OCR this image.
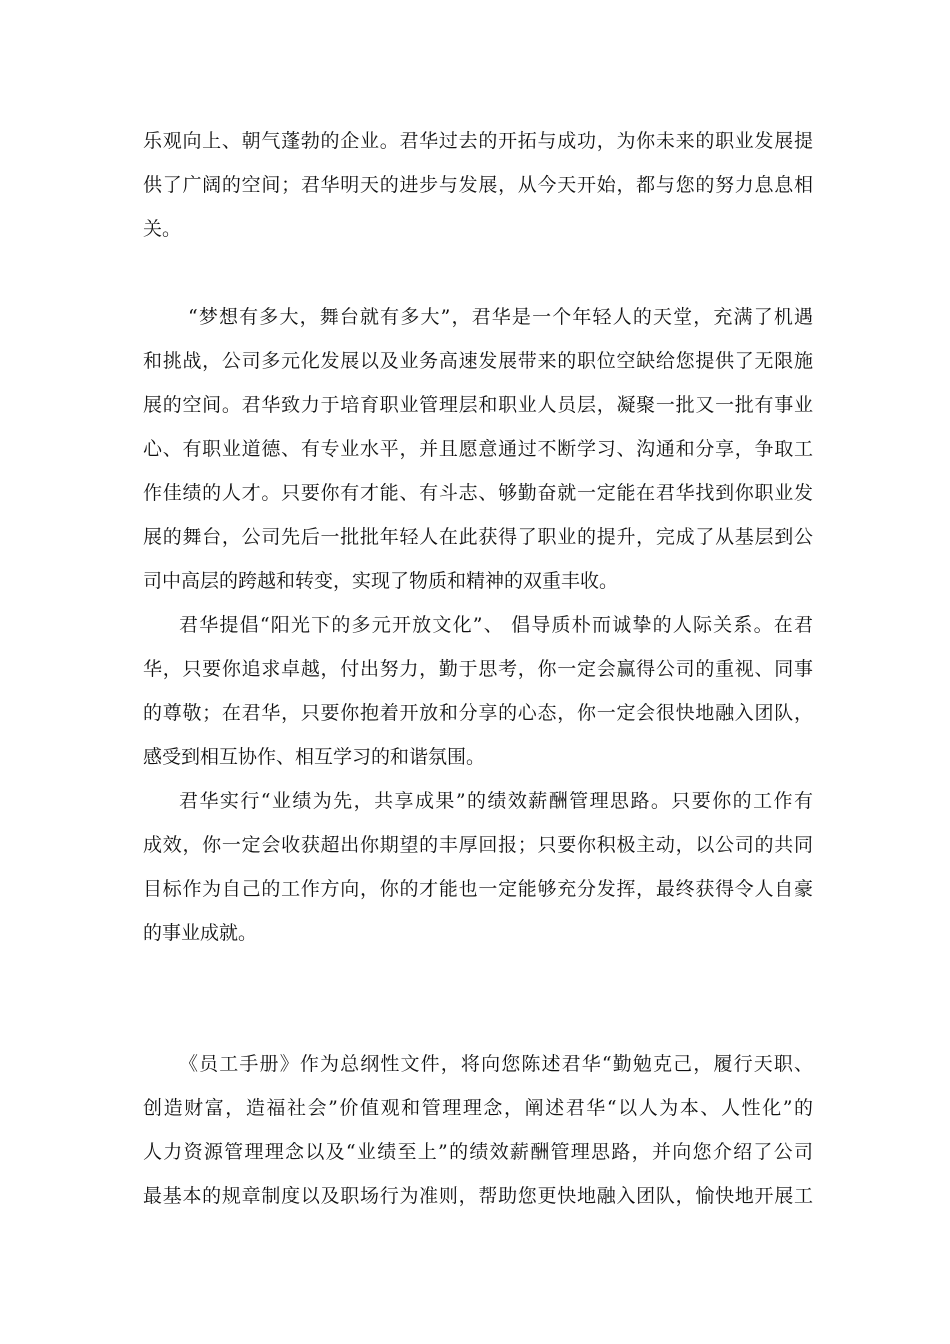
乐观向上、朝气蓬勃的企业。君华过去的开拓与成功，为你未来的职业发展提
供了广阔的空间；君华明天的进步与发展，从今天开始，都与您的努力息息相
关。
“梦想有多大，舞台就有多大”，君华是一个年轻人的天堂，充满了机遇
和挑战，公司多元化发展以及业务高速发展带来的职位空缺给您提供了无限施
展的空间。君华致力于培育职业管理层和职业人员层，凝聚一批又一批有事业
心、有职业道德、有专业水平，并且愿意通过不断学习、沟通和分享，争取工
作佳绩的人才。只要你有才能、有斗志、够勤奋就一定能在君华找到你职业发
展的舞台，公司先后一批批年轻人在此获得了职业的提升，完成了从基层到公
司中高层的跨越和转变，实现了物质和精神的双重丰收。
君华提倡“阳光下的多元开放文化”、 倡导质朴而诚挚的人际关系。在君
华，只要你追求卓越，付出努力，勤于思考，你一定会赢得公司的重视、同事
的尊敬；在君华，只要你抱着开放和分享的心态，你一定会很快地融入团队，
感受到相互协作、相互学习的和谐氛围。
君华实行“业绩为先，共享成果”的绩效薪酬管理思路。只要你的工作有
成效，你一定会收获超出你期望的丰厚回报；只要你积极主动，以公司的共同
目标作为自己的工作方向，你的才能也一定能够充分发挥，最终获得令人自豪
的事业成就。
《员工手册》作为总纲性文件，将向您陈述君华“勤勉克己，履行天职、
创造财富，造福社会”价值观和管理理念，阐述君华“以人为本、人性化”的
人力资源管理理念以及“业绩至上”的绩效薪酬管理思路，并向您介绍了公司
最基本的规章制度以及职场行为准则，帮助您更快地融入团队，愉快地开展工
